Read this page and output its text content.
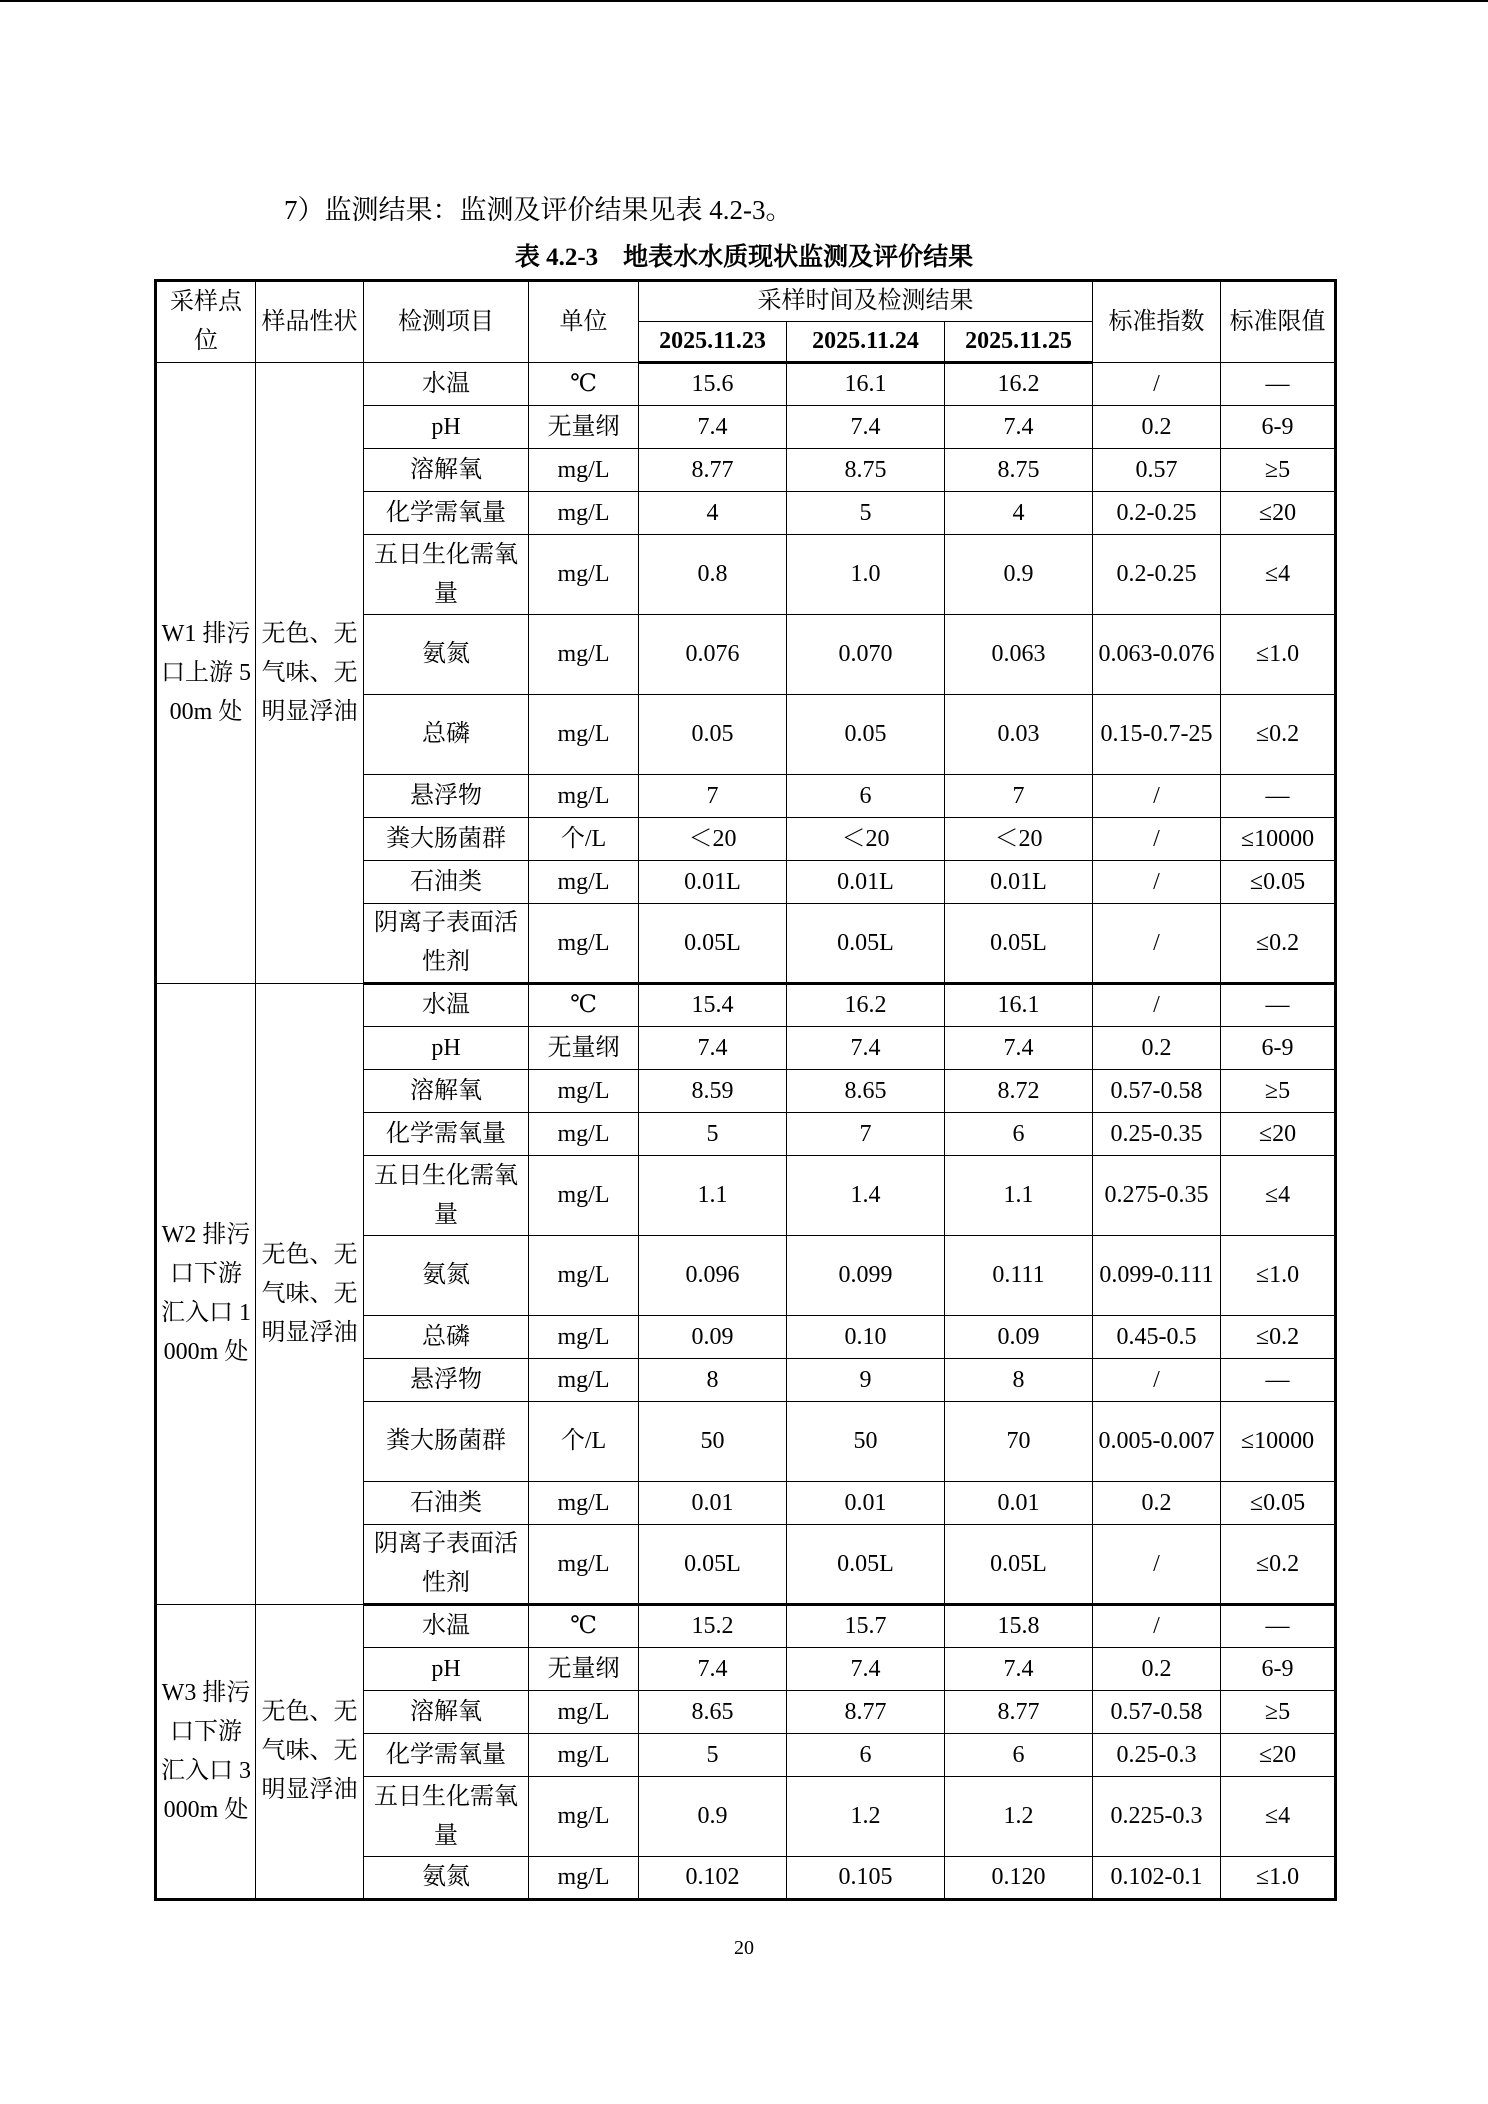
7）监测结果：监测及评价结果见表 4.2-3。
表 4.2-3　地表水水质现状监测及评价结果
采样点位	样品性状	检测项目	单位	采样时间及检测结果			标准指数	标准限值
				2025.11.23	2025.11.24	2025.11.25		
W1 排污口上游 500m 处	无色、无气味、无明显浮油	水温	℃	15.6	16.1	16.2	/	—
		pH	无量纲	7.4	7.4	7.4	0.2	6-9
		溶解氧	mg/L	8.77	8.75	8.75	0.57	≥5
		化学需氧量	mg/L	4	5	4	0.2-0.25	≤20
		五日生化需氧量	mg/L	0.8	1.0	0.9	0.2-0.25	≤4
		氨氮	mg/L	0.076	0.070	0.063	0.063-0.076	≤1.0
		总磷	mg/L	0.05	0.05	0.03	0.15-0.7-25	≤0.2
		悬浮物	mg/L	7	6	7	/	—
		粪大肠菌群	个/L	＜20	＜20	＜20	/	≤10000
		石油类	mg/L	0.01L	0.01L	0.01L	/	≤0.05
		阴离子表面活性剂	mg/L	0.05L	0.05L	0.05L	/	≤0.2
W2 排污口下游汇入口 1000m 处	无色、无气味、无明显浮油	水温	℃	15.4	16.2	16.1	/	—
		pH	无量纲	7.4	7.4	7.4	0.2	6-9
		溶解氧	mg/L	8.59	8.65	8.72	0.57-0.58	≥5
		化学需氧量	mg/L	5	7	6	0.25-0.35	≤20
		五日生化需氧量	mg/L	1.1	1.4	1.1	0.275-0.35	≤4
		氨氮	mg/L	0.096	0.099	0.111	0.099-0.111	≤1.0
		总磷	mg/L	0.09	0.10	0.09	0.45-0.5	≤0.2
		悬浮物	mg/L	8	9	8	/	—
		粪大肠菌群	个/L	50	50	70	0.005-0.007	≤10000
		石油类	mg/L	0.01	0.01	0.01	0.2	≤0.05
		阴离子表面活性剂	mg/L	0.05L	0.05L	0.05L	/	≤0.2
W3 排污口下游汇入口 3000m 处	无色、无气味、无明显浮油	水温	℃	15.2	15.7	15.8	/	—
		pH	无量纲	7.4	7.4	7.4	0.2	6-9
		溶解氧	mg/L	8.65	8.77	8.77	0.57-0.58	≥5
		化学需氧量	mg/L	5	6	6	0.25-0.3	≤20
		五日生化需氧量	mg/L	0.9	1.2	1.2	0.225-0.3	≤4
		氨氮	mg/L	0.102	0.105	0.120	0.102-0.1	≤1.0
20
